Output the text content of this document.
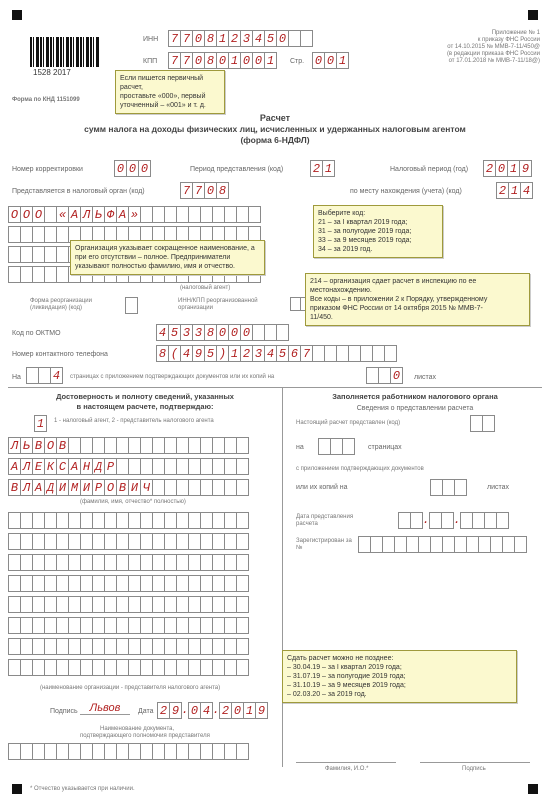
1528 2017
Форма по КНД 1151099
ИНН 7 7 0 8 1 2 3 4 5 0
КПП 7 7 0 8 0 1 0 0 1	Стр. 0 0 1
Приложение № 1
к приказу ФНС России
от 14.10.2015 № ММВ-7-11/450@
(в редакции приказа ФНС России
от 17.01.2018 № ММВ-7-11/18@)
Расчет
сумм налога на доходы физических лиц, исчисленных и удержанных налоговым агентом
(форма 6-НДФЛ)
Номер корректировки	0 0 0	Период представления (код) 2 1	Налоговый период (год) 2 0 1 9
Представляется в налоговый орган (код)	7 7 0 8	по месту нахождения (учета) (код)	2 1 4
О О О « А Л Ь Ф А »
(налоговый агент)
Форма реорганизации (ликвидация) (код)
ИНН/КПП реорганизованной организации
Код по ОКТМО	4 5 3 3 8 0 0 0
Номер контактного телефона	8 ( 4 9 5 ) 1 2 3 4 5 6 7
На	4	страницах с приложением подтверждающих документов или их копий на	0	листах
Достоверность и полноту сведений, указанных
в настоящем расчете, подтверждаю:
1	1 - налоговый агент, 2 - представитель налогового агента
Л Ь В О В
А Л Е К С А Н Д Р
В Л А Д И М И Р О В И Ч
(фамилия, имя, отчество* полностью)
(наименование организации - представителя налогового агента)
Подпись	Львов	Дата 2 9 . 0 4 . 2 0 1 9
Наименование документа,
подтверждающего полномочия представителя
* Отчество указывается при наличии.
Заполняется работником налогового органа
Сведения о представлении расчета
Настоящий расчет представлен (код)
на	страницах
с приложением подтверждающих документов
или их копий на	листах
Дата представления расчета	. .
Зарегистрирован за №
Фамилия, И.О.*	Подпись
Если пишется первичный расчет,
проставьте «000», первый
уточненный – «001» и т. д.
Выберите код:
21 – за I квартал 2019 года;
31 – за полугодие 2019 года;
33 – за 9 месяцев 2019 года;
34 – за 2019 год.
Организация указывает сокращенное наименование, а
при его отсутствии – полное. Предприниматели
указывают полностью фамилию, имя и отчество.
214 – организация сдает расчет в инспекцию по ее
местонахождению.
Все коды – в приложении 2 к Порядку, утвержденному
приказом ФНС России от 14 октября 2015 № ММВ-7-
11/450.
Сдать расчет можно не позднее:
– 30.04.19 – за I квартал 2019 года;
– 31.07.19 – за полугодие 2019 года;
– 31.10.19 – за 9 месяцев 2019 года;
– 02.03.20 – за 2019 год.
